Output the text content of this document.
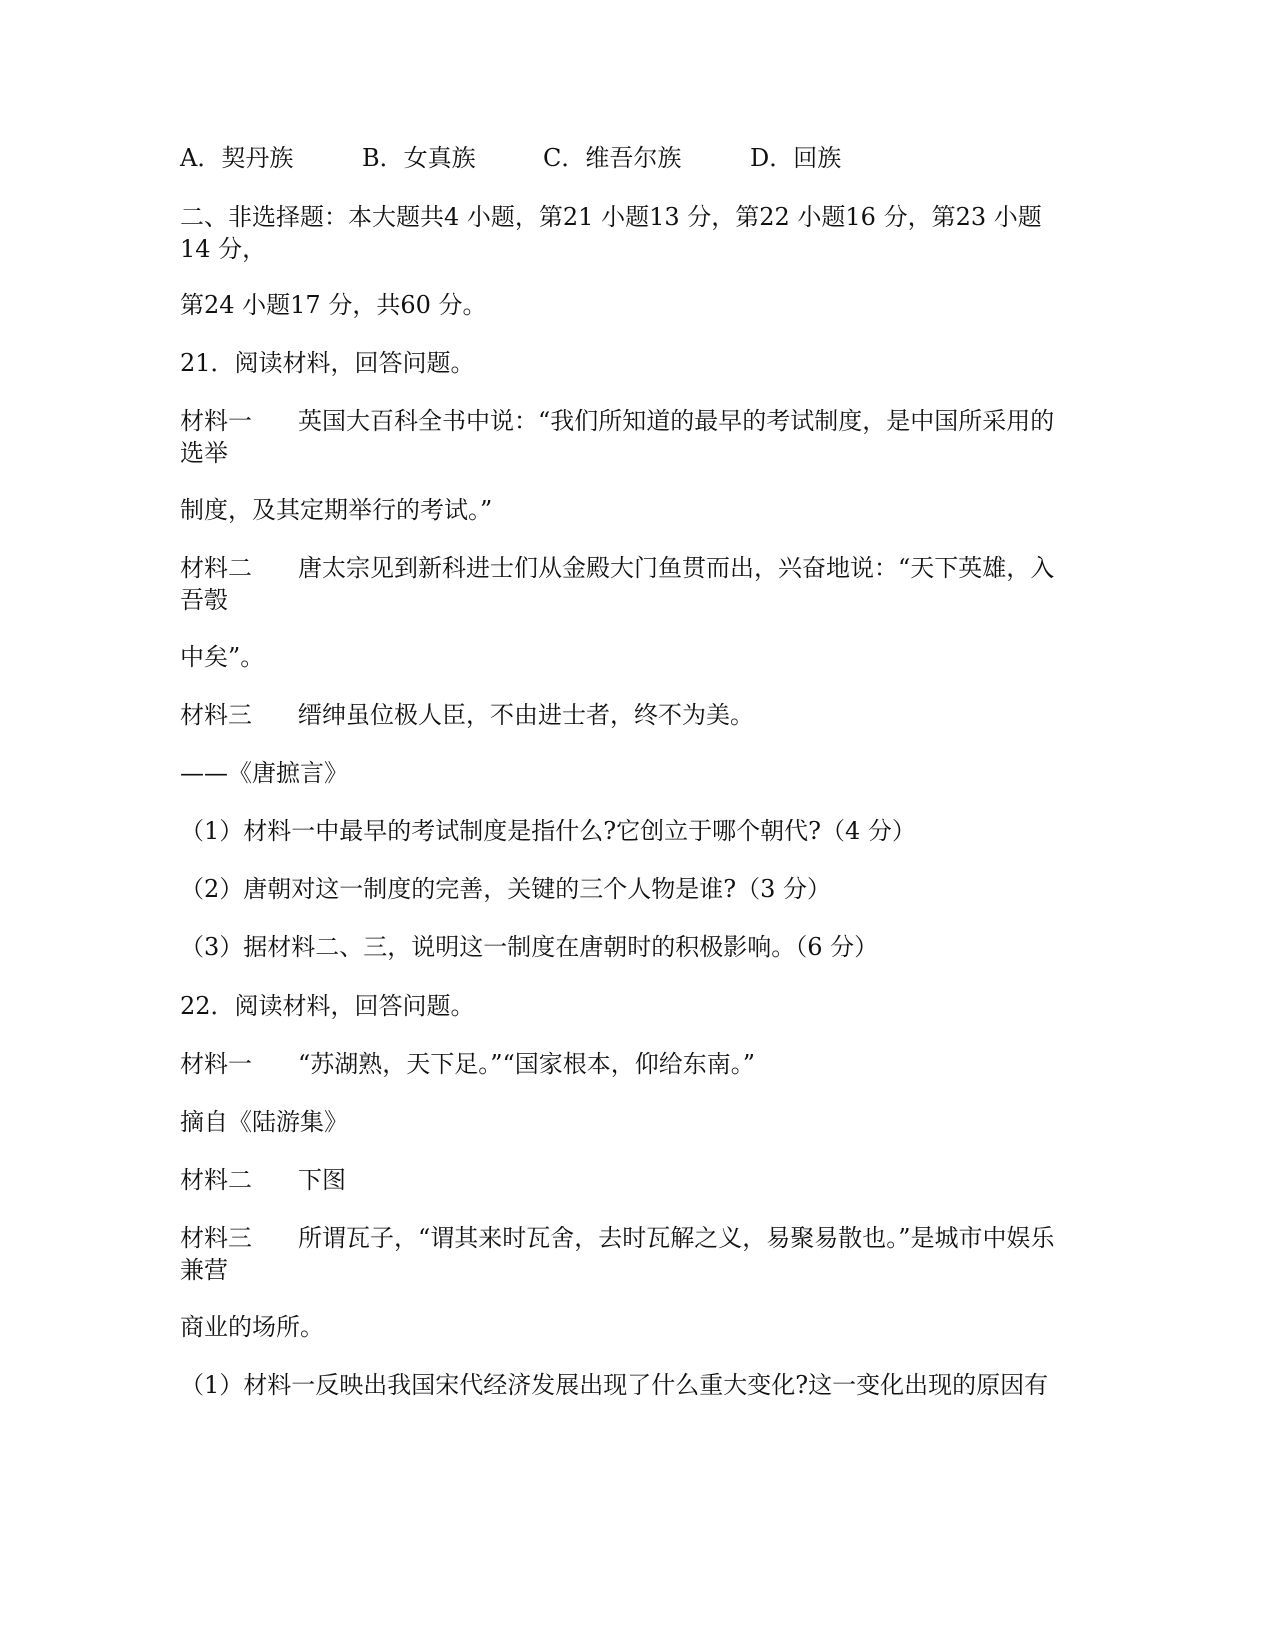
A．契丹族	B．女真族	C．维吾尔族	D．回族
二、非选择题：本大题共4 小题，第21 小题13 分，第22 小题16 分，第23 小题14 分，
第24 小题17 分，共60 分。
21．阅读材料，回答问题。
材料一 英国大百科全书中说：“我们所知道的最早的考试制度，是中国所采用的选举
制度，及其定期举行的考试。”
材料二 唐太宗见到新科进士们从金殿大门鱼贯而出，兴奋地说：“天下英雄，入吾彀
中矣”。
材料三 缙绅虽位极人臣，不由进士者，终不为美。
——《唐摭言》
（1）材料一中最早的考试制度是指什么?它创立于哪个朝代?（4 分）
（2）唐朝对这一制度的完善，关键的三个人物是谁?（3 分）
（3）据材料二、三，说明这一制度在唐朝时的积极影响。（6 分）
22．阅读材料，回答问题。
材料一 “苏湖熟，天下足。”“国家根本，仰给东南。”
摘自《陆游集》
材料二 下图
材料三 所谓瓦子，“谓其来时瓦舍，去时瓦解之义，易聚易散也。”是城市中娱乐兼营
商业的场所。
（1）材料一反映出我国宋代经济发展出现了什么重大变化?这一变化出现的原因有
